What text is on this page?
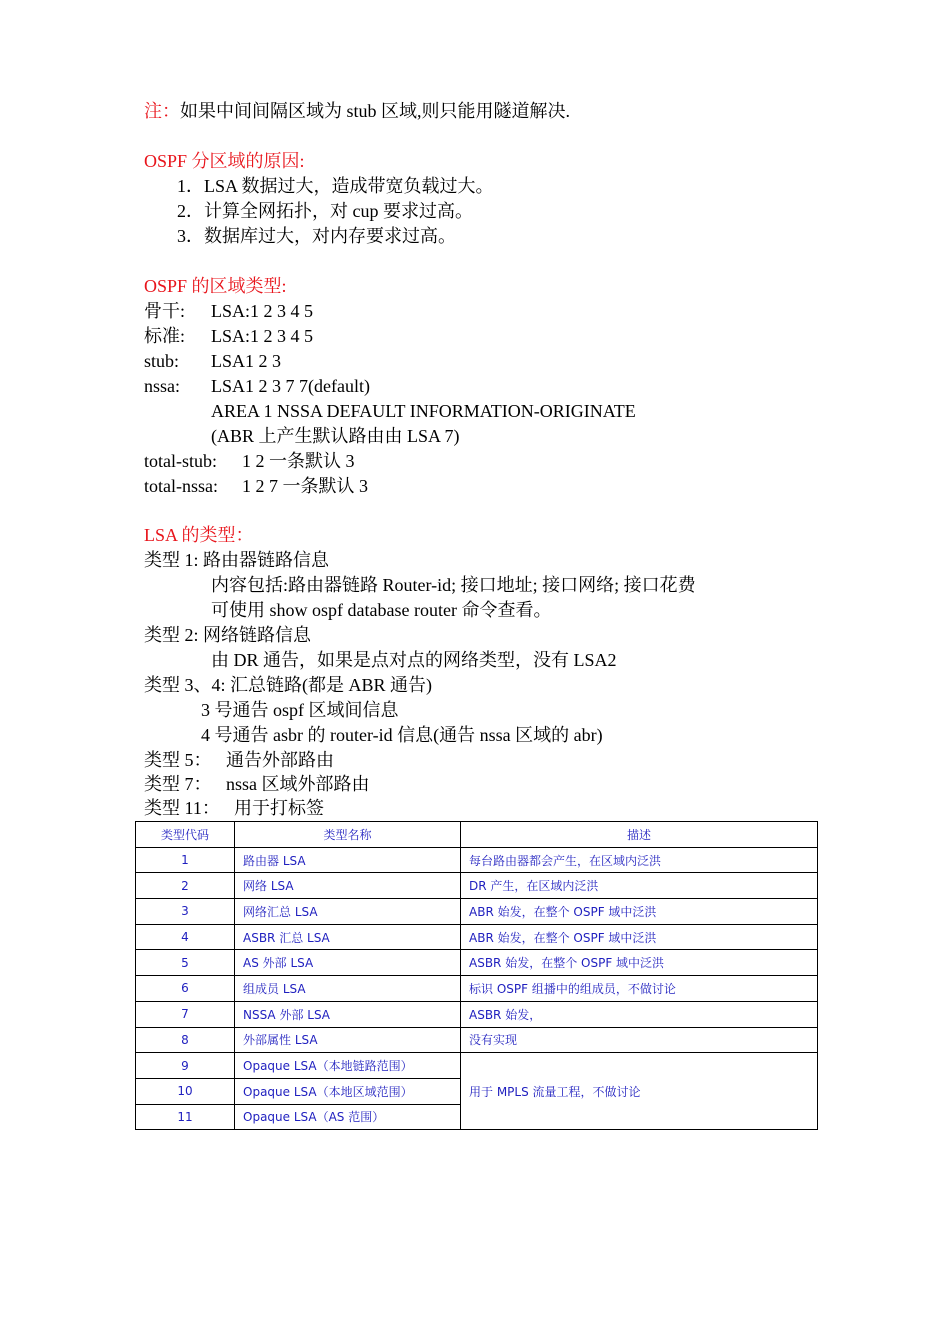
注：如果中间间隔区域为 stub 区域,则只能用隧道解决.
OSPF 分区域的原因:
1．LSA 数据过大，造成带宽负载过大。
2．计算全网拓扑，对 cup 要求过高。
3．数据库过大，对内存要求过高。
OSPF 的区域类型:
骨干: LSA:1 2 3 4 5
标准: LSA:1 2 3 4 5
stub: LSA1 2 3
nssa: LSA1 2 3 7 7(default)
AREA 1 NSSA DEFAULT INFORMATION-ORIGINATE
(ABR 上产生默认路由由 LSA 7)
total-stub: 1 2 一条默认 3
total-nssa: 1 2 7 一条默认 3
LSA 的类型：
类型 1: 路由器链路信息
内容包括:路由器链路 Router-id; 接口地址; 接口网络; 接口花费
可使用 show ospf database router 命令查看。
类型 2: 网络链路信息
由 DR 通告，如果是点对点的网络类型，没有 LSA2
类型 3、4: 汇总链路(都是 ABR 通告)
3 号通告 ospf 区域间信息
4 号通告 asbr 的 router-id 信息(通告 nssa 区域的 abr)
类型 5： 通告外部路由
类型 7： nssa 区域外部路由
类型 11： 用于打标签
类型代码	类型名称	描述
1	路由器 LSA	每台路由器都会产生，在区域内泛洪
2	网络 LSA	DR 产生，在区域内泛洪
3	网络汇总 LSA	ABR 始发，在整个 OSPF 域中泛洪
4	ASBR 汇总 LSA	ABR 始发，在整个 OSPF 域中泛洪
5	AS 外部 LSA	ASBR 始发，在整个 OSPF 域中泛洪
6	组成员 LSA	标识 OSPF 组播中的组成员，不做讨论
7	NSSA 外部 LSA	ASBR 始发，
8	外部属性 LSA	没有实现
9	Opaque LSA（本地链路范围）	用于 MPLS 流量工程，不做讨论
10	Opaque LSA（本地区域范围）	
11	Opaque LSA（AS 范围）	
